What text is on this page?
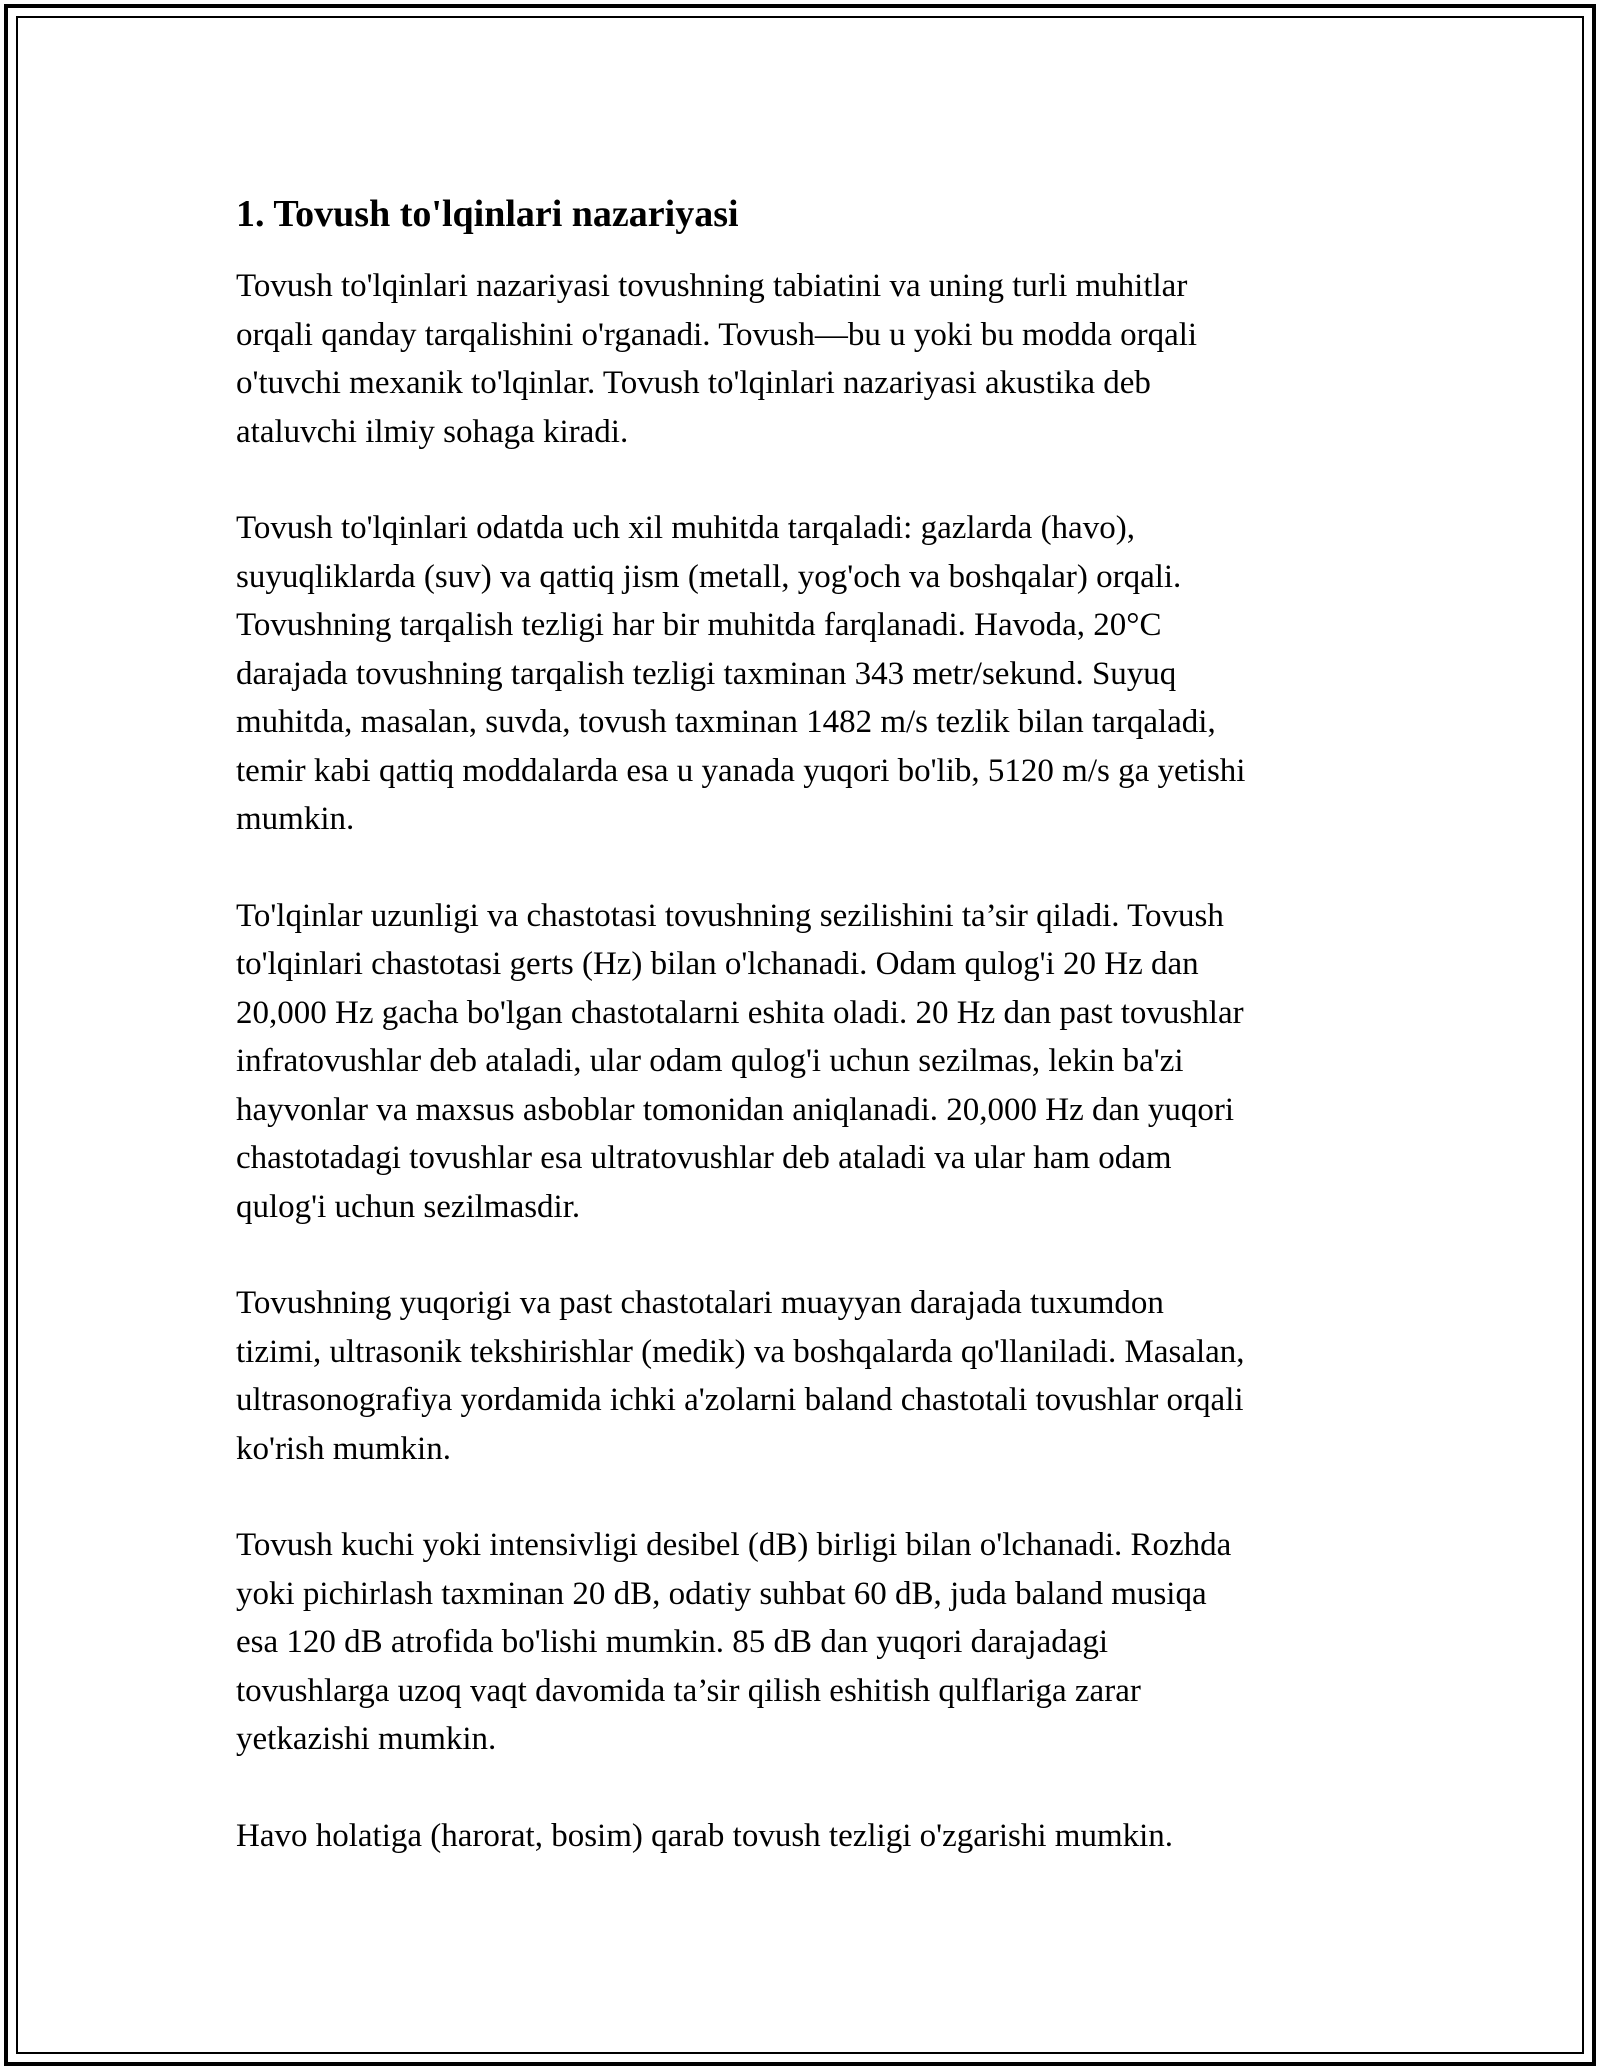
1. Tovush to'lqinlari nazariyasi
Tovush to'lqinlari nazariyasi tovushning tabiatini va uning turli muhitlar
orqali qanday tarqalishini o'rganadi. Tovush—bu u yoki bu modda orqali
o'tuvchi mexanik to'lqinlar. Tovush to'lqinlari nazariyasi akustika deb
ataluvchi ilmiy sohaga kiradi.
Tovush to'lqinlari odatda uch xil muhitda tarqaladi: gazlarda (havo),
suyuqliklarda (suv) va qattiq jism (metall, yog'och va boshqalar) orqali.
Tovushning tarqalish tezligi har bir muhitda farqlanadi. Havoda, 20°C
darajada tovushning tarqalish tezligi taxminan 343 metr/sekund. Suyuq
muhitda, masalan, suvda, tovush taxminan 1482 m/s tezlik bilan tarqaladi,
temir kabi qattiq moddalarda esa u yanada yuqori bo'lib, 5120 m/s ga yetishi
mumkin.
To'lqinlar uzunligi va chastotasi tovushning sezilishini ta’sir qiladi. Tovush
to'lqinlari chastotasi gerts (Hz) bilan o'lchanadi. Odam qulog'i 20 Hz dan
20,000 Hz gacha bo'lgan chastotalarni eshita oladi. 20 Hz dan past tovushlar
infratovushlar deb ataladi, ular odam qulog'i uchun sezilmas, lekin ba'zi
hayvonlar va maxsus asboblar tomonidan aniqlanadi. 20,000 Hz dan yuqori
chastotadagi tovushlar esa ultratovushlar deb ataladi va ular ham odam
qulog'i uchun sezilmasdir.
Tovushning yuqorigi va past chastotalari muayyan darajada tuxumdon
tizimi, ultrasonik tekshirishlar (medik) va boshqalarda qo'llaniladi. Masalan,
ultrasonografiya yordamida ichki a'zolarni baland chastotali tovushlar orqali
ko'rish mumkin.
Tovush kuchi yoki intensivligi desibel (dB) birligi bilan o'lchanadi. Rozhda
yoki pichirlash taxminan 20 dB, odatiy suhbat 60 dB, juda baland musiqa
esa 120 dB atrofida bo'lishi mumkin. 85 dB dan yuqori darajadagi
tovushlarga uzoq vaqt davomida ta’sir qilish eshitish qulflariga zarar
yetkazishi mumkin.
Havo holatiga (harorat, bosim) qarab tovush tezligi o'zgarishi mumkin.
